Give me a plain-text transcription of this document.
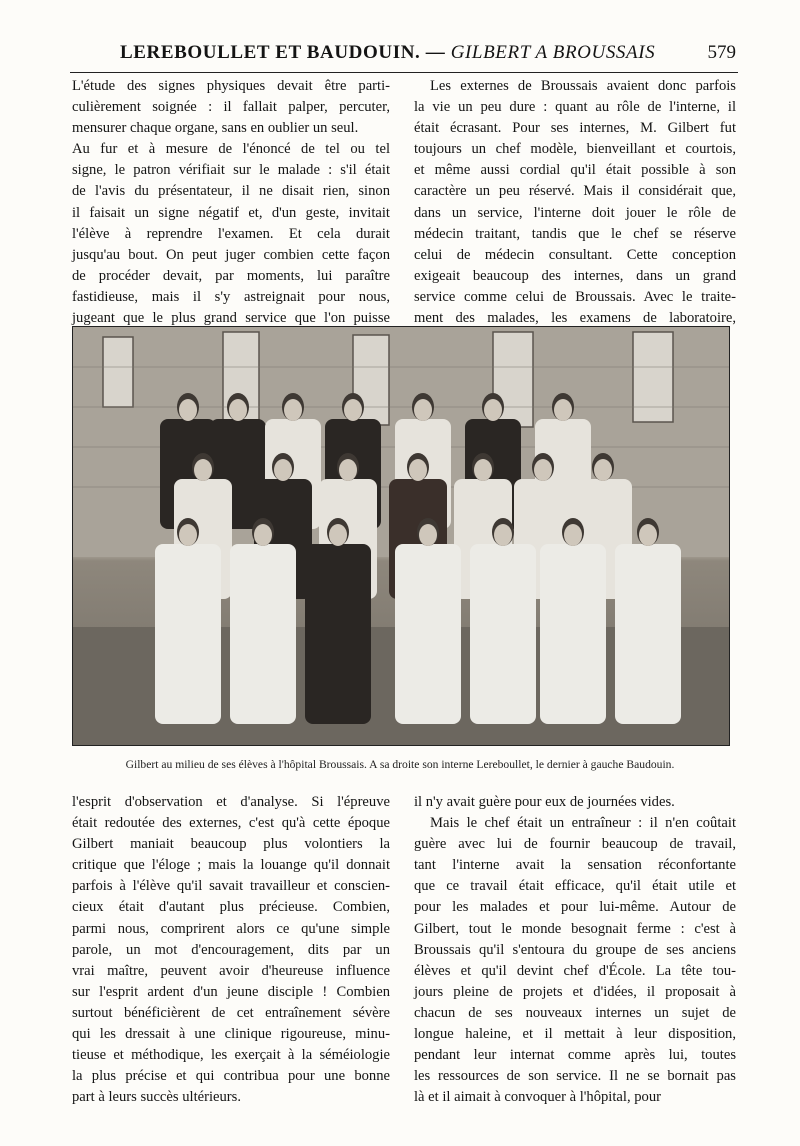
LEREBOULLET ET BAUDOUIN. — GILBERT A BROUSSAIS	579
L'étude des signes physiques devait être parti-
culièrement soignée : il fallait palper, percuter,
mensurer chaque organe, sans en oublier un seul.
Au fur et à mesure de l'énoncé de tel ou tel
signe, le patron vérifiait sur le malade : s'il était
de l'avis du présentateur, il ne disait rien, sinon
il faisait un signe négatif et, d'un geste, invitait
l'élève à reprendre l'examen. Et cela durait
jusqu'au bout. On peut juger combien cette façon
de procéder devait, par moments, lui paraître
fastidieuse, mais il s'y astreignait pour nous,
jugeant que le plus grand service que l'on puisse
Les externes de Broussais avaient donc parfois
la vie un peu dure : quant au rôle de l'interne, il
était écrasant. Pour ses internes, M. Gilbert fut
toujours un chef modèle, bienveillant et courtois,
et même aussi cordial qu'il était possible à son
caractère un peu réservé. Mais il considérait que,
dans un service, l'interne doit jouer le rôle de
médecin traitant, tandis que le chef se réserve
celui de médecin consultant. Cette conception
exigeait beaucoup des internes, dans un grand
service comme celui de Broussais. Avec le traite-
ment des malades, les examens de laboratoire,
Gilbert au milieu de ses élèves à l'hôpital Broussais. A sa droite son interne Lereboullet, le dernier à gauche Baudouin.
l'esprit d'observation et d'analyse. Si l'épreuve
était redoutée des externes, c'est qu'à cette époque
Gilbert maniait beaucoup plus volontiers la
critique que l'éloge ; mais la louange qu'il donnait
parfois à l'élève qu'il savait travailleur et conscien-
cieux était d'autant plus précieuse. Combien,
parmi nous, comprirent alors ce qu'une simple
parole, un mot d'encouragement, dits par un
vrai maître, peuvent avoir d'heureuse influence
sur l'esprit ardent d'un jeune disciple ! Combien
surtout bénéficièrent de cet entraînement sévère
qui les dressait à une clinique rigoureuse, minu-
tieuse et méthodique, les exerçait à la séméiologie
la plus précise et qui contribua pour une bonne
part à leurs succès ultérieurs.
il n'y avait guère pour eux de journées vides.
Mais le chef était un entraîneur : il n'en coûtait
guère avec lui de fournir beaucoup de travail,
tant l'interne avait la sensation réconfortante
que ce travail était efficace, qu'il était utile et
pour les malades et pour lui-même. Autour de
Gilbert, tout le monde besognait ferme : c'est à
Broussais qu'il s'entoura du groupe de ses anciens
élèves et qu'il devint chef d'École. La tête tou-
jours pleine de projets et d'idées, il proposait à
chacun de ses nouveaux internes un sujet de
longue haleine, et il mettait à leur disposition,
pendant leur internat comme après lui, toutes
les ressources de son service. Il ne se bornait pas
là et il aimait à convoquer à l'hôpital, pour
